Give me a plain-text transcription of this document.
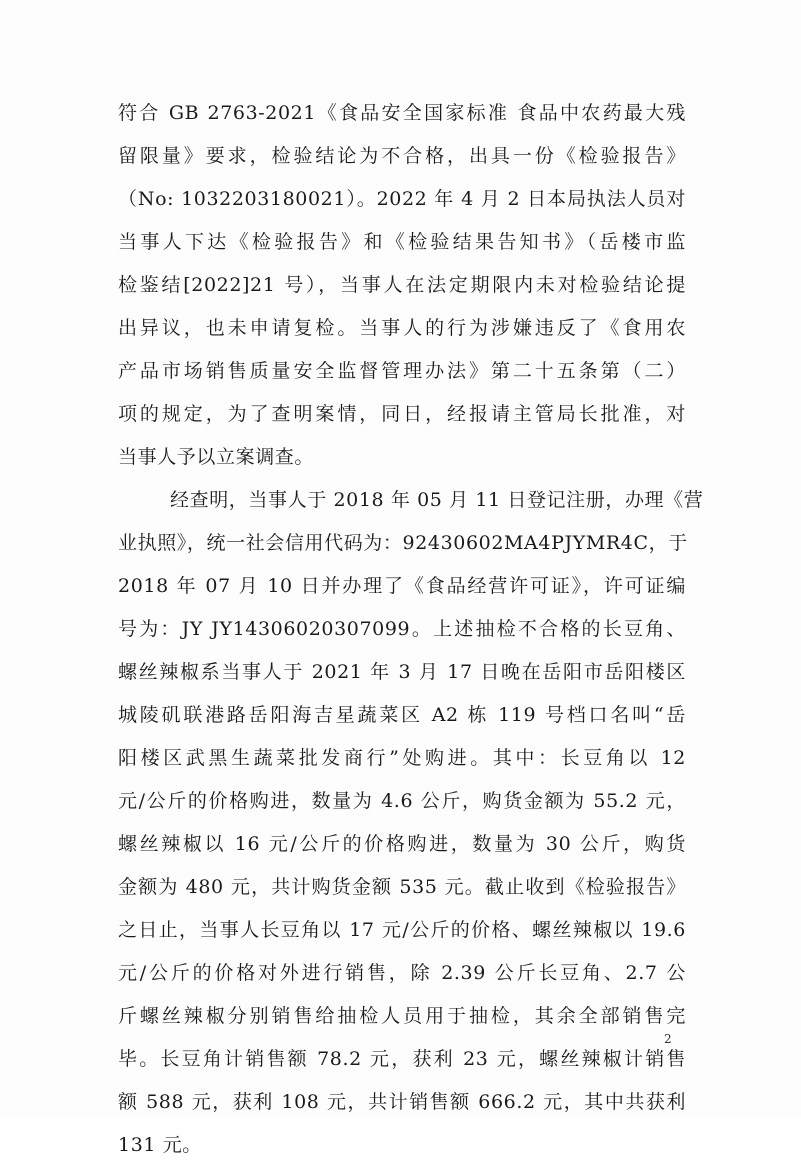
符合 GB 2763-2021《食品安全国家标准 食品中农药最大残
留限量》要求，检验结论为不合格，出具一份《检验报告》
（No: 1032203180021）。2022 年 4 月 2 日本局执法人员对
当事人下达《检验报告》和《检验结果告知书》（岳楼市监
检鉴结[2022]21 号），当事人在法定期限内未对检验结论提
出异议，也未申请复检。当事人的行为涉嫌违反了《食用农
产品市场销售质量安全监督管理办法》第二十五条第（二）
项的规定，为了查明案情，同日，经报请主管局长批准，对
当事人予以立案调查。
经查明，当事人于 2018 年 05 月 11 日登记注册，办理《营
业执照》，统一社会信用代码为：92430602MA4PJYMR4C，于
2018 年 07 月 10 日并办理了《食品经营许可证》，许可证编
号为：JY JY14306020307099。上述抽检不合格的长豆角、
螺丝辣椒系当事人于 2021 年 3 月 17 日晚在岳阳市岳阳楼区
城陵矶联港路岳阳海吉星蔬菜区 A2 栋 119 号档口名叫“岳
阳楼区武黑生蔬菜批发商行”处购进。其中：长豆角以 12
元/公斤的价格购进，数量为 4.6 公斤，购货金额为 55.2 元，
螺丝辣椒以 16 元/公斤的价格购进，数量为 30 公斤，购货
金额为 480 元，共计购货金额 535 元。截止收到《检验报告》
之日止，当事人长豆角以 17 元/公斤的价格、螺丝辣椒以 19.6
元/公斤的价格对外进行销售，除 2.39 公斤长豆角、2.7 公
斤螺丝辣椒分别销售给抽检人员用于抽检，其余全部销售完
毕。长豆角计销售额 78.2 元，获利 23 元，螺丝辣椒计销售
额 588 元，获利 108 元，共计销售额 666.2 元，其中共获利
131 元。
2
